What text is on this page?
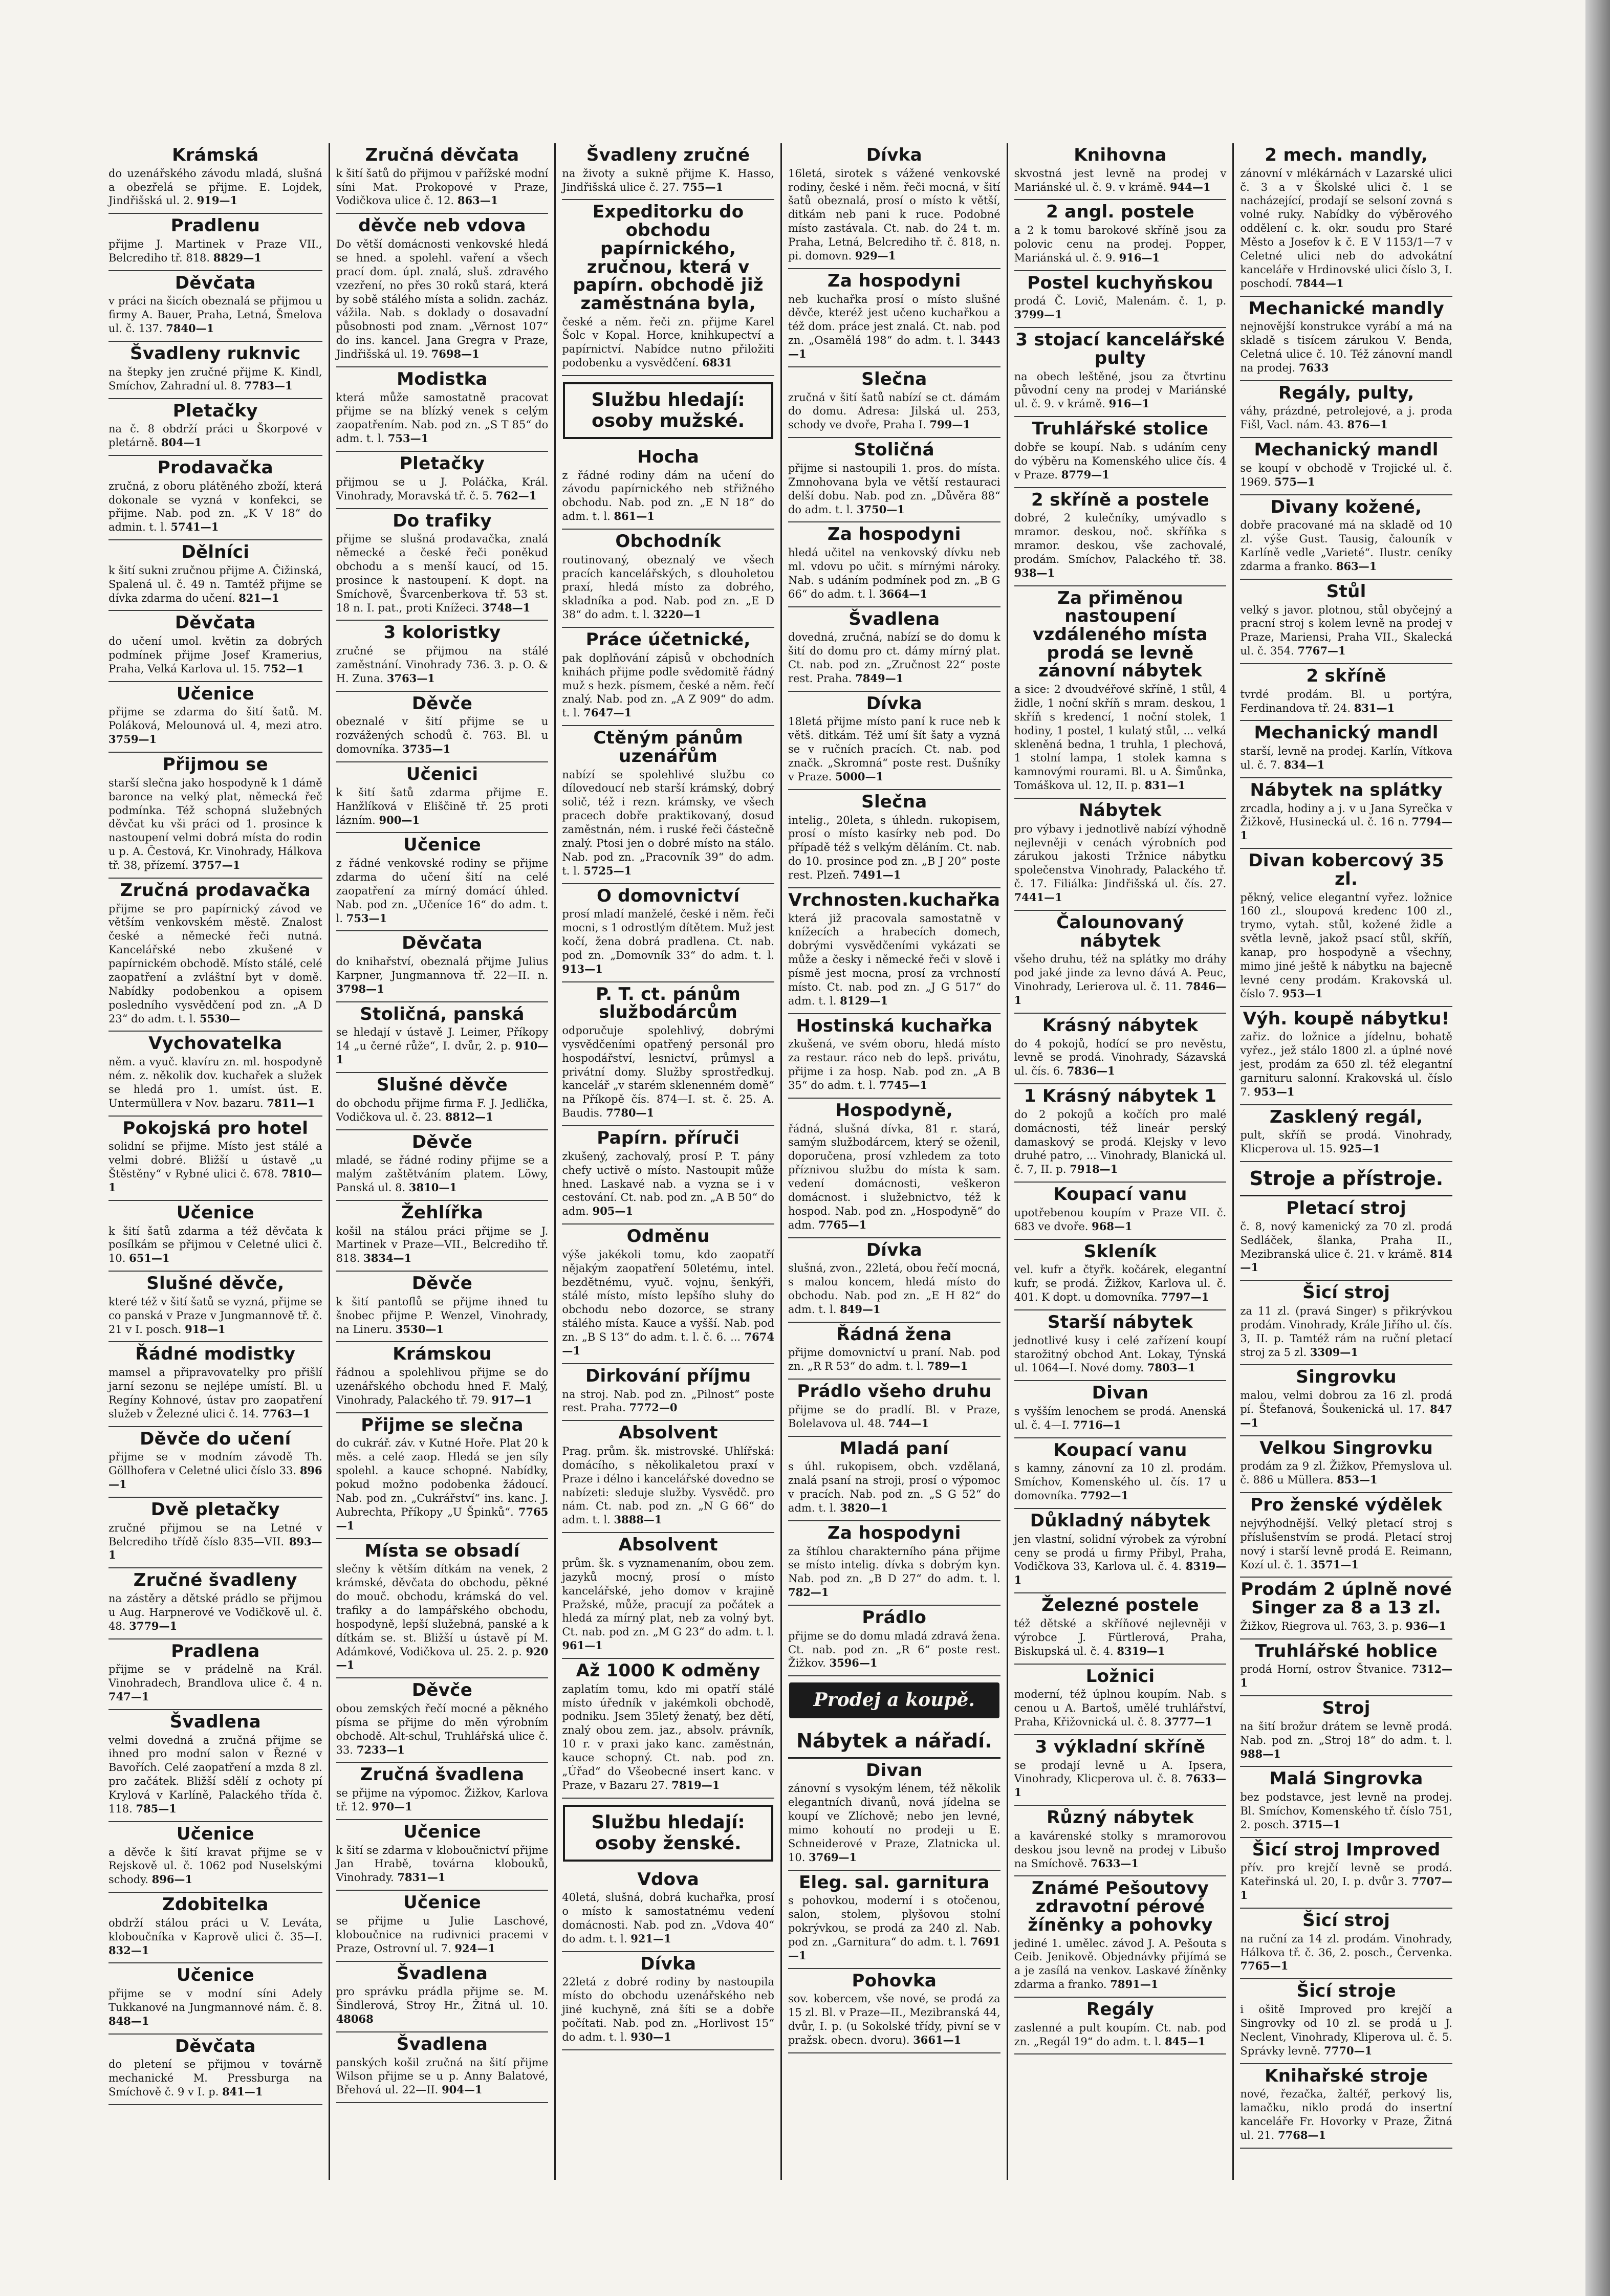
Krámská

do uzenářského závodu mladá, slušná a obezřelá se přijme. E. Lojdek, Jindřišská ul. 2. 919—1

Pradlenu

přijme J. Martinek v Praze VII., Belcrediho tř. 818. 8829—1

Děvčata

v práci na šicích obeznalá se přijmou u firmy A. Bauer, Praha, Letná, Šmelova ul. č. 137. 7840—1

Švadleny ruknvic

na štepky jen zručné přijme K. Kindl, Smíchov, Zahradní ul. 8. 7783—1

Pletačky

na č. 8 obdrží práci u Škorpové v pletárně. 804—1

Prodavačka

zručná, z oboru plátěného zboží, která dokonale se vyzná v konfekci, se přijme. Nab. pod zn. „K V 18“ do admin. t. l. 5741—1

Dělníci

k šití sukni zručnou přijme A. Čižinská, Spalená ul. č. 49 n. Tamtéž přijme se dívka zdarma do učení. 821—1

Děvčata

do učení umol. květin za dobrých podmínek přijme Josef Kramerius, Praha, Velká Karlova ul. 15. 752—1

Učenice

přijme se zdarma do šití šatů. M. Poláková, Melounová ul. 4, mezi atro. 3759—1

Přijmou se

starší slečna jako hospodyně k 1 dámě baronce na velký plat, německá řeč podmínka. Též schopná služebných děvčat ku vši práci od 1. prosince k nastoupení velmi dobrá místa do rodin u p. A. Čestová, Kr. Vinohrady, Hálkova tř. 38, přízemí. 3757—1

Zručná prodavačka

přijme se pro papírnický závod ve větším venkovském městě. Znalost české a německé řeči nutná. Kancelářské nebo zkušené v papírnickém obchodě. Místo stálé, celé zaopatření a zvláštní byt v domě. Nabídky podobenkou a opisem posledního vysvědčení pod zn. „A D 23“ do adm. t. l. 5530—

Vychovatelka

něm. a vyuč. klavíru zn. ml. hospodyně ném. z. několik dov. kuchařek a služek se hledá pro 1. umíst. úst. E. Untermüllera v Nov. bazaru. 7811—1

Pokojská pro hotel

solidní se přijme. Místo jest stálé a velmi dobré. Bližší u ústavě „u Štěstěny“ v Rybné ulici č. 678. 7810—1

Učenice

k šití šatů zdarma a též děvčata k posílkám se přijmou v Celetné ulici č. 10. 651—1

Slušné děvče,

které též v šití šatů se vyzná, přijme se co panská v Praze v Jungmannově tř. č. 21 v I. posch. 918—1

Řádné modistky

mamsel a připravovatelky pro přišlí jarní sezonu se nejlépe umístí. Bl. u Regíny Kohnové, ústav pro zaopatření služeb v Železné ulici č. 14. 7763—1

Děvče do učení

přijme se v modním závodě Th. Göllhofera v Celetné ulici číslo 33. 896—1

Dvě pletačky

zručné přijmou se na Letné v Belcrediho třídě číslo 835—VII. 893—1

Zručné švadleny

na zástěry a dětské prádlo se přijmou u Aug. Harpnerové ve Vodičkově ul. č. 48. 3779—1

Pradlena

přijme se v prádelně na Král. Vinohradech, Brandlova ulice č. 4 n. 747—1

Švadlena

velmi dovedná a zručná přijme se ihned pro modní salon v Řezné v Bavořích. Celé zaopatření a mzda 8 zl. pro začátek. Bližší sdělí z ochoty pí Krylová v Karlíně, Palackého třída č. 118. 785—1

Učenice

a děvče k šití kravat přijme se v Rejskově ul. č. 1062 pod Nuselskými schody. 896—1

Zdobitelka

obdrží stálou práci u V. Leváta, kloboučníka v Kaprově ulici č. 35—I. 832—1

Učenice

přijme se v modní síni Adely Tukkanové na Jungmannové nám. č. 8. 848—1

Děvčata

do pletení se přijmou v továrně mechanické M. Pressburga na Smíchově č. 9 v I. p. 841—1

Zručná děvčata

k šití šatů do přijmou v pařížské modní síni Mat. Prokopové v Praze, Vodičkova ulice č. 12. 863—1

děvče neb vdova

Do větší domácnosti venkovské hledá se hned. a spolehl. vaření a všech prací dom. úpl. znalá, sluš. zdravého vzezření, no přes 30 roků stará, která by sobě stálého místa a solidn. zacház. vážila. Nab. s doklady o dosavadní působnosti pod znam. „Věrnost 107“ do ins. kancel. Jana Gregra v Praze, Jindřišská ul. 19. 7698—1

Modistka

která může samostatně pracovat přijme se na blízký venek s celým zaopatřením. Nab. pod zn. „S T 85“ do adm. t. l. 753—1

Pletačky

přijmou se u J. Poláčka, Král. Vinohrady, Moravská tř. č. 5. 762—1

Do trafiky

přijme se slušná prodavačka, znalá německé a české řeči poněkud obchodu a s menší kaucí, od 15. prosince k nastoupení. K dopt. na Smíchově, Švarcenberkova tř. 53 st. 18 n. I. pat., proti Knížeci. 3748—1

3 koloristky

zručné se přijmou na stálé zaměstnání. Vinohrady 736. 3. p. O. & H. Zuna. 3763—1

Děvče

obeznalé v šití přijme se u rozvážených schodů č. 763. Bl. u domovníka. 3735—1

Učenici

k šití šatů zdarma přijme E. Hanžlíková v Eliščině tř. 25 proti lázním. 900—1

Učenice

z řádné venkovské rodiny se přijme zdarma do učení šití na celé zaopatření za mírný domácí úhled. Nab. pod zn. „Učeníce 16“ do adm. t. l. 753—1

Děvčata

do knihařství, obeznalá přijme Julius Karpner, Jungmannova tř. 22—II. n. 3798—1

Stoličná, panská

se hledají v ústavě J. Leimer, Příkopy 14 „u černé růže“, I. dvůr, 2. p. 910—1

Slušné děvče

do obchodu přijme firma F. J. Jedlička, Vodičkova ul. č. 23. 8812—1

Děvče

mladé, se řádné rodiny přijme se a malým zaštětváním platem. Löwy, Panská ul. 8. 3810—1

Žehlířka

košil na stálou práci přijme se J. Martinek v Praze—VII., Belcrediho tř. 818. 3834—1

Děvče

k šití pantoflů se přijme ihned tu šnobec přijme P. Wenzel, Vinohrady, na Lineru. 3530—1

Krámskou

řádnou a spolehlivou přijme se do uzenářského obchodu hned F. Malý, Vinohrady, Palackého tř. 79. 917—1

Přijme se slečna

do cukrář. záv. v Kutné Hoře. Plat 20 k měs. a celé zaop. Hledá se jen síly spolehl. a kauce schopné. Nabídky, pokud možno podobenka žádoucí. Nab. pod zn. „Cukrářství“ ins. kanc. J. Aubrechta, Příkopy „U Špinků“. 7765—1

Místa se obsadí

slečny k větším dítkám na venek, 2 krámské, děvčata do obchodu, pěkné do mouč. obchodu, krámská do vel. trafiky a do lampářského obchodu, hospodyně, lepší služebná, panské a k dítkám se. st. Bližší u ústavě pí M. Adámkové, Vodičkova ul. 25. 2. p. 920—1

Děvče

obou zemských řečí mocné a pěkného písma se přijme do měn výrobním obchodě. Alt-schul, Truhlářská ulice č. 33. 7233—1

Zručná švadlena

se přijme na výpomoc. Žižkov, Karlova tř. 12. 970—1

Učenice

k šití se zdarma v kloboučnictví přijme Jan Hrabě, továrna klobouků, Vinohrady. 7831—1

Učenice

se přijme u Julie Laschové, kloboučnice na rudivnici pracemi v Praze, Ostrovní ul. 7. 924—1

Švadlena

pro správku prádla přijme se. M. Šindlerová, Stroy Hr., Žitná ul. 10. 48068

Švadlena

panských košil zručná na šití přijme Wilson přijme se u p. Anny Balatové, Břehová ul. 22—II. 904—1

Švadleny zručné

na životy a sukně přijme K. Hasso, Jindřišská ulice č. 27. 755—1

Expeditorku do obchodu papírnického, zručnou, která v papírn. obchodě již zaměstnána byla,

české a něm. řeči zn. přijme Karel Šolc v Kopal. Horce, knihkupectví a papírnictví. Nabídce nutno přiložiti podobenku a vysvědčení. 6831

Službu hledají: osoby mužské.
Hocha

z řádné rodiny dám na učení do závodu papírnického neb střižného obchodu. Nab. pod zn. „E N 18“ do adm. t. l. 861—1

Obchodník

routinovaný, obeznalý ve všech pracích kancelářských, s dlouholetou praxí, hledá místo za dobrého, skladníka a pod. Nab. pod zn. „E D 38“ do adm. t. l. 3220—1

Práce účetnické,

pak doplňování zápisů v obchodních knihách přijme podle svědomitě řádný muž s hezk. písmem, české a něm. řečí znalý. Nab. pod zn. „A Z 909“ do adm. t. l. 7647—1

Ctěným pánům uzenářům

nabízí se spolehlivé službu co dílovedoucí neb starší krámský, dobrý solič, též i rezn. krámsky, ve všech pracech dobře praktikovaný, dosud zaměstnán, ném. i ruské řeči částečně znalý. Ptosi jen o dobré místo na stálo. Nab. pod zn. „Pracovník 39“ do adm. t. l. 5725—1

O domovnictví

prosí mladí manželé, české i něm. řeči mocni, s 1 odrostlým dítětem. Muž jest kočí, žena dobrá pradlena. Ct. nab. pod zn. „Domovník 33“ do adm. t. l. 913—1

P. T. ct. pánům službodárcům

odporučuje spolehlivý, dobrými vysvědčeními opatřený personál pro hospodářství, lesnictví, průmysl a privátní domy. Služby sprostředkuj. kancelář „v starém sklenenném domě“ na Příkopě čís. 874—I. st. č. 25. A. Baudis. 7780—1

Papírn. příruči

zkušený, zachovalý, prosí P. T. pány chefy uctivě o místo. Nastoupit může hned. Laskavé nab. a vyzna se i v cestování. Ct. nab. pod zn. „A B 50“ do adm. 905—1

Odměnu

výše jakékoli tomu, kdo zaopatří nějakým zaopatření 50letému, intel. bezdětnému, vyuč. vojnu, šenkýři, stálé místo, místo lepšího sluhy do obchodu nebo dozorce, se strany stálého místa. Kauce a vyšší. Nab. pod zn. „B S 13“ do adm. t. l. č. 6. ... 7674—1

Dirkování příjmu

na stroj. Nab. pod zn. „Pilnost“ poste rest. Praha. 7772—0

Absolvent

Prag. prům. šk. mistrovské. Uhlířská: domácího, s několikaletou praxí v Praze i délno i kancelářské dovedno se nabízeti: sleduje služby. Vysvědč. pro nám. Ct. nab. pod zn. „N G 66“ do adm. t. l. 3888—1

Absolvent

prům. šk. s vyznamenaním, obou zem. jazyků mocný, prosí o místo kancelářské, jeho domov v krajině Pražské, může, pracují za počátek a hledá za mírný plat, neb za volný byt. Ct. nab. pod zn. „M G 23“ do adm. t. l. 961—1

Až 1000 K odměny

zaplatím tomu, kdo mi opatří stálé místo úředník v jakémkoli obchodě, podniku. Jsem 35letý ženatý, bez dětí, znalý obou zem. jaz., absolv. právník, 10 r. v praxi jako kanc. zaměstnán, kauce schopný. Ct. nab. pod zn. „Úřad“ do Všeobecné insert kanc. v Praze, v Bazaru 27. 7819—1

Službu hledají: osoby ženské.
Vdova

40letá, slušná, dobrá kuchařka, prosí o místo k samostatnému vedení domácnosti. Nab. pod zn. „Vdova 40“ do adm. t. l. 921—1

Dívka

22letá z dobré rodiny by nastoupila místo do obchodu uzenářského neb jiné kuchyně, zná šíti se a dobře počítati. Nab. pod zn. „Horlivost 15“ do adm. t. l. 930—1

Dívka

16letá, sirotek s vážené venkovské rodiny, české i něm. řeči mocná, v šití šatů obeznalá, prosí o místo k větší, ditkám neb pani k ruce. Podobné místo zastávala. Ct. nab. do 24 t. m. Praha, Letná, Belcrediho tř. č. 818, n. pi. domovn. 929—1

Za hospodyni

neb kuchařka prosí o místo slušné děvče, kteréž jest učeno kuchařkou a též dom. práce jest znalá. Ct. nab. pod zn. „Osamělá 198“ do adm. t. l. 3443—1

Slečna

zručná v šití šatů nabízí se ct. dámám do domu. Adresa: Jilská ul. 253, schody ve dvoře, Praha I. 799—1

Stoličná

přijme si nastoupili 1. pros. do místa. Zmnohovana byla ve větší restauraci delší dobu. Nab. pod zn. „Důvěra 88“ do adm. t. l. 3750—1

Za hospodyni

hledá učitel na venkovský dívku neb ml. vdovu po učit. s mírnými nároky. Nab. s udáním podmínek pod zn. „B G 66“ do adm. t. l. 3664—1

Švadlena

dovedná, zručná, nabízí se do domu k šití do domu pro ct. dámy mírný plat. Ct. nab. pod zn. „Zručnost 22“ poste rest. Praha. 7849—1

Dívka

18letá přijme místo paní k ruce neb k větš. ditkám. Též umí šít šaty a vyzná se v ručních pracích. Ct. nab. pod značk. „Skromná“ poste rest. Dušníky v Praze. 5000—1

Slečna

intelig., 20leta, s úhledn. rukopisem, prosí o místo kasírky neb pod. Do případě též s velkým děláním. Ct. nab. do 10. prosince pod zn. „B J 20“ poste rest. Plzeň. 7491—1

Vrchnosten.kuchařka

která již pracovala samostatně v knížecích a hrabecích domech, dobrými vysvědčeními vykázati se může a česky i německé řeči v slově i písmě jest mocna, prosí za vrchností místo. Ct. nab. pod zn. „J G 517“ do adm. t. l. 8129—1

Hostinská kuchařka

zkušená, ve svém oboru, hledá místo za restaur. ráco neb do lepš. privátu, přijme i za hosp. Nab. pod zn. „A B 35“ do adm. t. l. 7745—1

Hospodyně,

řádná, slušná dívka, 81 r. stará, samým službodárcem, který se oženil, doporučena, prosí vzhledem za toto příznivou službu do místa k sam. vedení domácnosti, veškeron domácnost. i služebnictvo, též k hospod. Nab. pod zn. „Hospodyně“ do adm. 7765—1

Dívka

slušná, zvon., 22letá, obou řečí mocná, s malou koncem, hledá místo do obchodu. Nab. pod zn. „E H 82“ do adm. t. l. 849—1

Řádná žena

přijme domovnictví u praní. Nab. pod zn. „R R 53“ do adm. t. l. 789—1

Prádlo všeho druhu

přijme se do pradlí. Bl. v Praze, Bolelavova ul. 48. 744—1

Mladá paní

s úhl. rukopisem, obch. vzdělaná, znalá psaní na stroji, prosí o výpomoc v pracích. Nab. pod zn. „S G 52“ do adm. t. l. 3820—1

Za hospodyni

za štíhlou charakterního pána přijme se místo intelig. dívka s dobrým kyn. Nab. pod zn. „B D 27“ do adm. t. l. 782—1

Prádlo

přijme se do domu mladá zdravá žena. Ct. nab. pod zn. „R 6“ poste rest. Žižkov. 3596—1

Prodej a koupě.
Nábytek a nářadí.
Divan

zánovní s vysokým lénem, též několik elegantních divanů, nová jídelna se koupí ve Zlíchově; nebo jen levné, mimo kohoutí no prodeji u E. Schneiderové v Praze, Zlatnicka ul. 10. 3769—1

Eleg. sal. garnitura

s pohovkou, moderní i s otočenou, salon, stolem, plyšovou stolní pokrývkou, se prodá za 240 zl. Nab. pod zn. „Garnitura“ do adm. t. l. 7691—1

Pohovka

sov. kobercem, vše nové, se prodá za 15 zl. Bl. v Praze—II., Mezibranská 44, dvůr, I. p. (u Sokolské třídy, pivní se v pražsk. obecn. dvoru). 3661—1

Knihovna

skvostná jest levně na prodej v Mariánské ul. č. 9. v krámě. 944—1

2 angl. postele

a 2 k tomu barokové skříně jsou za polovic cenu na prodej. Popper, Mariánská ul. č. 9. 916—1

Postel kuchyňskou

prodá Č. Lovič, Malenám. č. 1, p. 3799—1

3 stojací kancelářské pulty

na obech leštěné, jsou za čtvrtinu původní ceny na prodej v Mariánské ul. č. 9. v krámě. 916—1

Truhlářské stolice

dobře se koupí. Nab. s udáním ceny do výběru na Komenského ulice čís. 4 v Praze. 8779—1

2 skříně a postele

dobré, 2 kulečníky, umývadlo s mramor. deskou, noč. skříňka s mramor. deskou, vše zachovalé, prodám. Smíchov, Palackého tř. 38. 938—1

Za přiměnou nastoupení vzdáleného místa prodá se levně zánovní nábytek

a sice: 2 dvoudvéřové skříně, 1 stůl, 4 židle, 1 noční skříň s mram. deskou, 1 skříň s kredencí, 1 noční stolek, 1 hodiny, 1 postel, 1 kulatý stůl, ... velká skleněná bedna, 1 truhla, 1 plechová, 1 stolní lampa, 1 stolek kamna s kamnovými rourami. Bl. u A. Šimůnka, Tomáškova ul. 12, II. p. 831—1

Nábytek

pro výbavy i jednotlivě nabízí výhodně nejlevněji v cenách výrobních pod zárukou jakosti Tržnice nábytku společenstva Vinohrady, Palackého tř. č. 17. Filiálka: Jindřišská ul. čís. 27. 7441—1

Čalounovaný nábytek

všeho druhu, též na splátky mo dráhy pod jaké jinde za levno dává A. Peuc, Vinohrady, Lerierova ul. č. 11. 7846—1

Krásný nábytek

do 4 pokojů, hodící se pro nevěstu, levně se prodá. Vinohrady, Sázavská ul. čís. 6. 7836—1

1 Krásný nábytek 1

do 2 pokojů a kočích pro malé domácnosti, též lineár perský damaskový se prodá. Klejsky v levo druhé patro, ... Vinohrady, Blanická ul. č. 7, II. p. 7918—1

Koupací vanu

upotřebenou koupím v Praze VII. č. 683 ve dvoře. 968—1

Skleník

vel. kufr a čtyřk. kočárek, elegantní kufr, se prodá. Žižkov, Karlova ul. č. 401. K dopt. u domovníka. 7797—1

Starší nábytek

jednotlivé kusy i celé zařízení koupí starožitný obchod Ant. Lokay, Týnská ul. 1064—I. Nové domy. 7803—1

Divan

s vyšším lenochem se prodá. Anenská ul. č. 4—I. 7716—1

Koupací vanu

s kamny, zánovní za 10 zl. prodám. Smíchov, Komenského ul. čís. 17 u domovníka. 7792—1

Důkladný nábytek

jen vlastní, solidní výrobek za výrobní ceny se prodá u firmy Přibyl, Praha, Vodičkova 33, Karlova ul. č. 4. 8319—1

Železné postele

též dětské a skříňové nejlevněji v výrobce J. Fürtlerová, Praha, Biskupská ul. č. 4. 8319—1

Ložnici

moderní, též úplnou koupím. Nab. s cenou u A. Bartoš, umělé truhlářství, Praha, Křižovnická ul. č. 8. 3777—1

3 výkladní skříně

se prodají levně u A. Ipsera, Vinohrady, Klicperova ul. č. 8. 7633—1

Různý nábytek

a kavárenské stolky s mramorovou deskou jsou levně na prodej v Libušo na Smíchově. 7633—1

Známé Pešoutovy zdravotní pérové žíněnky a pohovky

jediné 1. umělec. závod J. A. Pešouta s Ceib. Jenikově. Objednávky přijímá se a je zasílá na venkov. Laskavé žíněnky zdarma a franko. 7891—1

Regály

zaslenné a pult koupím. Ct. nab. pod zn. „Regál 19“ do adm. t. l. 845—1

2 mech. mandly,

zánovní v mlékárnách v Lazarské ulici č. 3 a v Školské ulici č. 1 se nacházející, prodají se selsoní zovná s volné ruky. Nabídky do výběrového oddělení c. k. okr. soudu pro Staré Město a Josefov k č. E V 1153/1—7 v Celetné ulici neb do advokátní kanceláře v Hrdinovské ulici číslo 3, I. poschodí. 7844—1

Mechanické mandly

nejnovější konstrukce vyrábí a má na skladě s tisícem zárukou V. Benda, Celetná ulice č. 10. Též zánovní mandl na prodej. 7633

Regály, pulty,

váhy, prázdné, petrolejové, a j. proda Fišl, Vacl. nám. 43. 876—1

Mechanický mandl

se koupí v obchodě v Trojické ul. č. 1969. 575—1

Divany kožené,

dobře pracované má na skladě od 10 zl. výše Gust. Tausig, čalouník v Karlíně vedle „Varieté“. Ilustr. ceníky zdarma a franko. 863—1

Stůl

velký s javor. plotnou, stůl obyčejný a pracní stroj s kolem levně na prodej v Praze, Mariensi, Praha VII., Skalecká ul. č. 354. 7767—1

2 skříně

tvrdé prodám. Bl. u portýra, Ferdinandova tř. 24. 831—1

Mechanický mandl

starší, levně na prodej. Karlín, Vítkova ul. č. 7. 834—1

Nábytek na splátky

zrcadla, hodiny a j. v u Jana Syrečka v Žižkově, Husinecká ul. č. 16 n. 7794—1

Divan kobercový 35 zl.

pěkný, velice elegantní vyřez. ložnice 160 zl., sloupová kredenc 100 zl., trymo, vytah. stůl, kožené židle a světla levně, jakož psací stůl, skříň, kanap, pro hospodyně a všechny, mimo jiné ještě k nábytku na bajecně levné ceny prodám. Krakovská ul. číslo 7. 953—1

Výh. koupě nábytku!

zařiz. do ložnice a jídelnu, bohatě vyřez., jež stálo 1800 zl. a úplné nové jest, prodám za 650 zl. též elegantní garnituru salonní. Krakovská ul. číslo 7. 953—1

Zasklený regál,

pult, skříň se prodá. Vinohrady, Klicperova ul. 15. 925—1

Stroje a přístroje.
Pletací stroj

č. 8, nový kamenický za 70 zl. prodá Sedláček, šlanka, Praha II., Mezibranská ulice č. 21. v krámě. 814—1

Šicí stroj

za 11 zl. (pravá Singer) s přikrývkou prodám. Vinohrady, Krále Jiřího ul. čís. 3, II. p. Tamtéž rám na ruční pletací stroj za 5 zl. 3309—1

Singrovku

malou, velmi dobrou za 16 zl. prodá pí. Štefanová, Šoukenická ul. 17. 847—1

Velkou Singrovku

prodám za 9 zl. Žižkov, Přemyslova ul. č. 886 u Müllera. 853—1

Pro ženské výdělek

nejvýhodnější. Velký pletací stroj s příslušenstvím se prodá. Pletací stroj nový i starší levně prodá E. Reimann, Kozí ul. č. 1. 3571—1

Prodám 2 úplně nové Singer za 8 a 13 zl.

Žižkov, Riegrova ul. 763, 3. p. 936—1

Truhlářské hoblice

prodá Horní, ostrov Štvanice. 7312—1

Stroj

na šití brožur drátem se levně prodá. Nab. pod zn. „Stroj 18“ do adm. t. l. 988—1

Malá Singrovka

bez podstavce, jest levně na prodej. Bl. Smíchov, Komenského tř. číslo 751, 2. posch. 3715—1

Šicí stroj Improved

přív. pro krejčí levně se prodá. Kateřinská ul. 20, I. p. dvůr 3. 7707—1

Šicí stroj

na ruční za 14 zl. prodám. Vinohrady, Hálkova tř. č. 36, 2. posch., Červenka. 7765—1

Šicí stroje

i ošitě Improved pro krejčí a Singrovky od 10 zl. se prodá u J. Neclent, Vinohrady, Kliperova ul. č. 5. Správky levně. 7770—1

Knihařské stroje

nové, řezačka, žaltéř, perkový lis, lamačku, niklo prodá do insertní kanceláře Fr. Hovorky v Praze, Žitná ul. 21. 7768—1
